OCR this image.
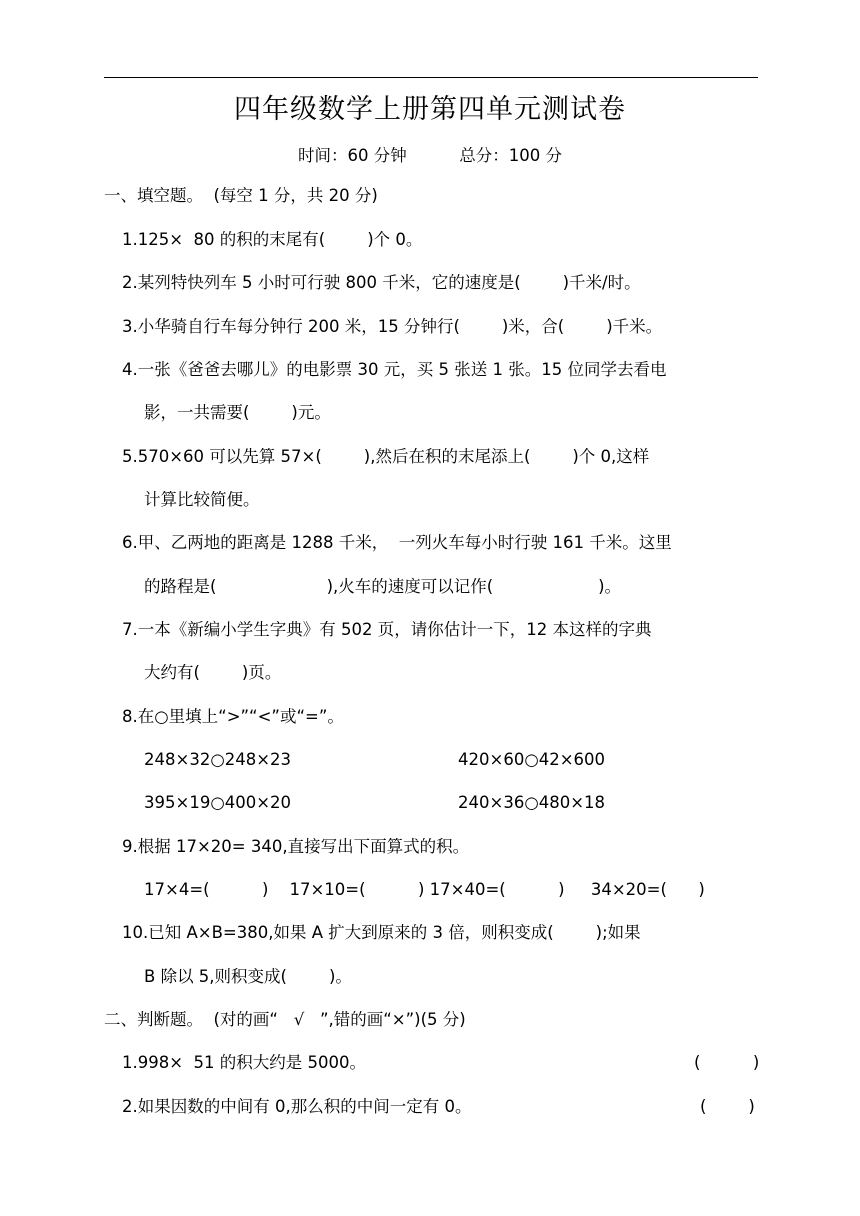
四年级数学上册第四单元测试卷
时间：60 分钟          总分：100 分
一、填空题。  (每空 1 分，共 20 分)
1.125×  80 的积的末尾有(        )个 0。
2.某列特快列车 5 小时可行驶 800 千米，它的速度是(        )千米/时。
3.小华骑自行车每分钟行 200 米，15 分钟行(        )米，合(        )千米。
4.一张《爸爸去哪儿》的电影票 30 元，买 5 张送 1 张。15 位同学去看电
影，一共需要(        )元。
5.570×60 可以先算 57×(        ),然后在积的末尾添上(        )个 0,这样
计算比较简便。
6.甲、乙两地的距离是 1288 千米，  一列火车每小时行驶 161 千米。这里
的路程是(                     ),火车的速度可以记作(                    )。
7.一本《新编小学生字典》有 502 页，请你估计一下，12 本这样的字典
大约有(        )页。
8.在○里填上“>”“<”或“=”。
248×32○248×23	420×60○42×600
395×19○400×20	240×36○480×18
9.根据 17×20= 340,直接写出下面算式的积。
17×4=(          )    17×10=(          ) 17×40=(          )     34×20=(      )
10.已知 A×B=380,如果 A 扩大到原来的 3 倍，则积变成(        );如果
B 除以 5,则积变成(        )。
二、判断题。  (对的画“   √   ”,错的画“×”)(5 分)
1.998×  51 的积大约是 5000。	(          )
2.如果因数的中间有 0,那么积的中间一定有 0。	(        )
